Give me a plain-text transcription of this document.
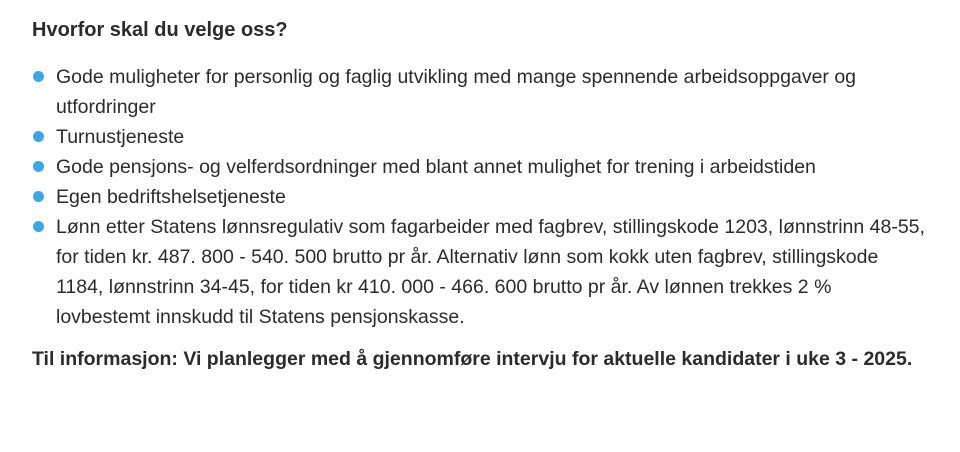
Hvorfor skal du velge oss?
Gode muligheter for personlig og faglig utvikling med mange spennende arbeidsoppgaver og utfordringer
Turnustjeneste
Gode pensjons- og velferdsordninger med blant annet mulighet for trening i arbeidstiden
Egen bedriftshelsetjeneste
Lønn etter Statens lønnsregulativ som fagarbeider med fagbrev, stillingskode 1203, lønnstrinn 48-55, for tiden kr. 487. 800 - 540. 500 brutto pr år. Alternativ lønn som kokk uten fagbrev, stillingskode 1184, lønnstrinn 34-45, for tiden kr 410. 000 - 466. 600 brutto pr år. Av lønnen trekkes 2 % lovbestemt innskudd til Statens pensjonskasse.

Til informasjon: Vi planlegger med å gjennomføre intervju for aktuelle kandidater i uke 3 - 2025.
